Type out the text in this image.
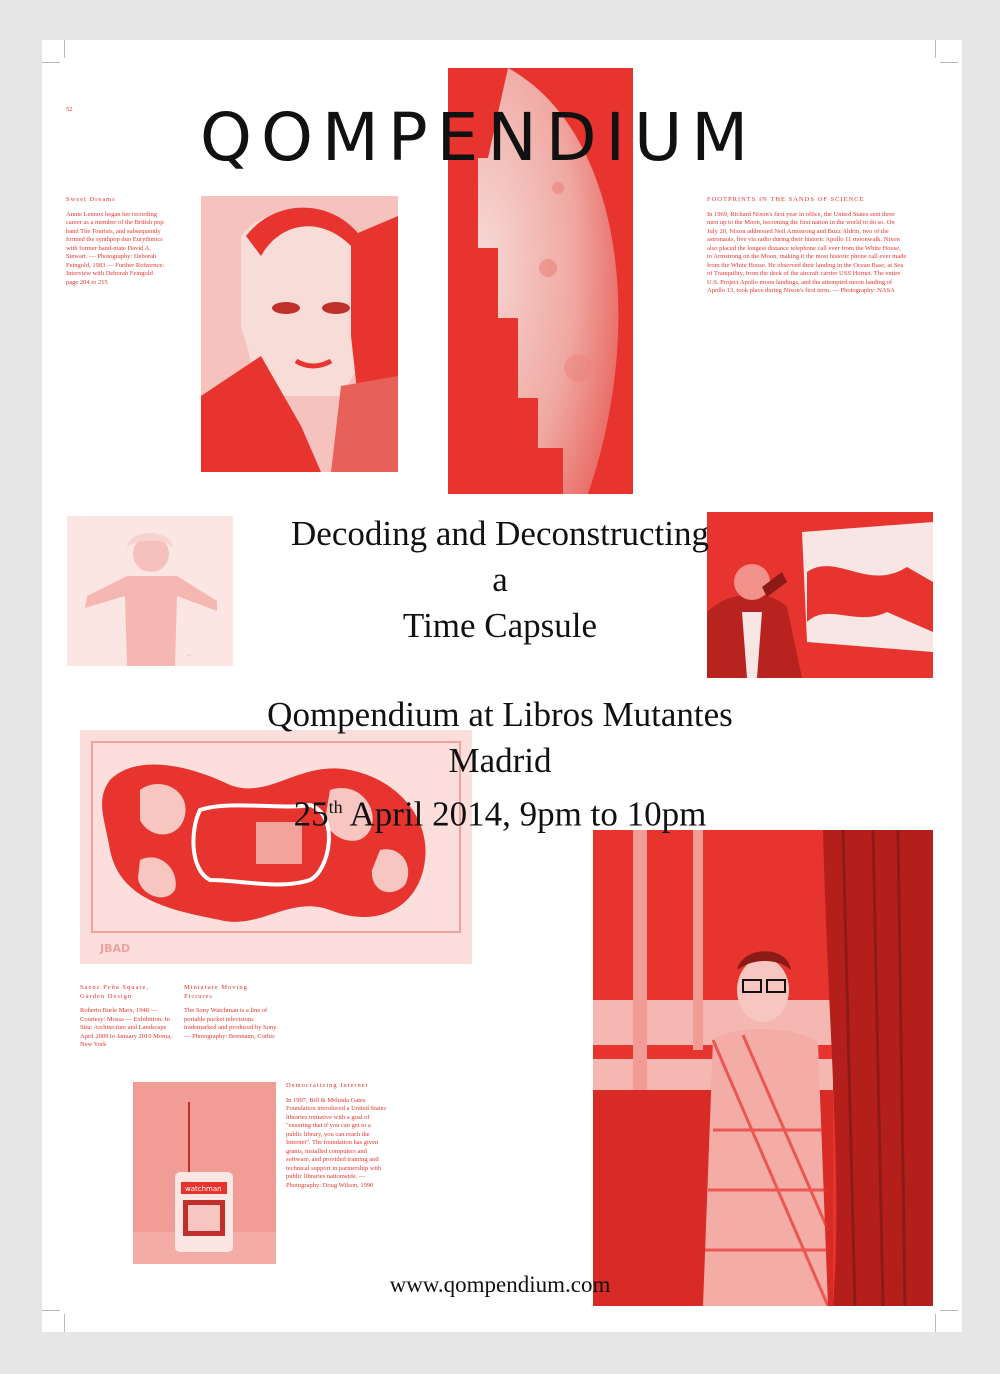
52 QOMPENDIUM
Sweet Dreams
Annie Lennox began her recording career as a member of the British pop band The Tourists, and subsequently formed the synthpop duo Eurythmics with former band-mate David A. Stewart. — Photography: Deborah Feingold, 1983 — Further Reference: Interview with Deborah Feingold page 204 to 215
FOOTPRINTS IN THE SANDS OF SCIENCE
In 1969, Richard Nixon's first year in office, the United States sent three men up to the Moon, becoming the first nation in the world to do so. On July 20, Nixon addressed Neil Armstrong and Buzz Aldrin, two of the astronauts, live via radio during their historic Apollo 11 moonwalk. Nixon also placed the longest distance telephone call ever from the White House, to Armstrong on the Moon, making it the most historic phone call ever made from the White House. He observed their landing in the Ocean Base, at Sea of Tranquility, from the deck of the aircraft carrier USS Hornet. The entire U.S. Project Apollo moon landings, and the attempted moon landing of Apollo 13, took place during Nixon's first term. — Photography: NASA
~
Decoding and Deconstructing
a
Time Capsule
JBAD
Qompendium at Libros Mutantes
Madrid
25th April 2014, 9pm to 10pm
Saenz Peña Square, Garden Design
Roberto Burle Marx, 1948 — Courtesy: Mossa — Exhibition: In Situ: Architecture and Landscape April 2009 to January 2010 Moma, New York
Miniature Moving Pictures
The Sony Watchman is a line of portable pocket televisions trademarked and produced by Sony. — Photography: Brennann, Corbis
Democratizing Internet
In 1997, Bill & Melinda Gates Foundation introduced a United States libraries initiative with a goal of "ensuring that if you can get to a public library, you can reach the Internet". The foundation has given grants, installed computers and software, and provided training and technical support in partnership with public libraries nationwide. — Photography: Doug Wilson, 1990
watchman
www.qompendium.com
